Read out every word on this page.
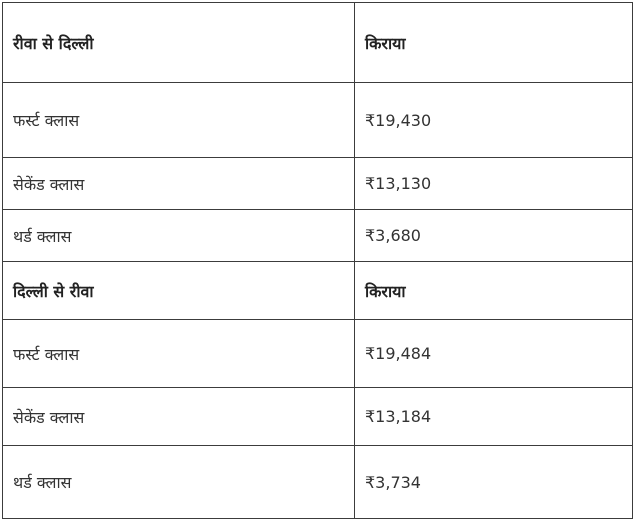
रीवा से दिल्ली	किराया
फर्स्ट क्लास	₹19,430
सेकेंड क्लास	₹13,130
थर्ड क्लास	₹3,680
दिल्ली से रीवा	किराया
फर्स्ट क्लास	₹19,484
सेकेंड क्लास	₹13,184
थर्ड क्लास	₹3,734
